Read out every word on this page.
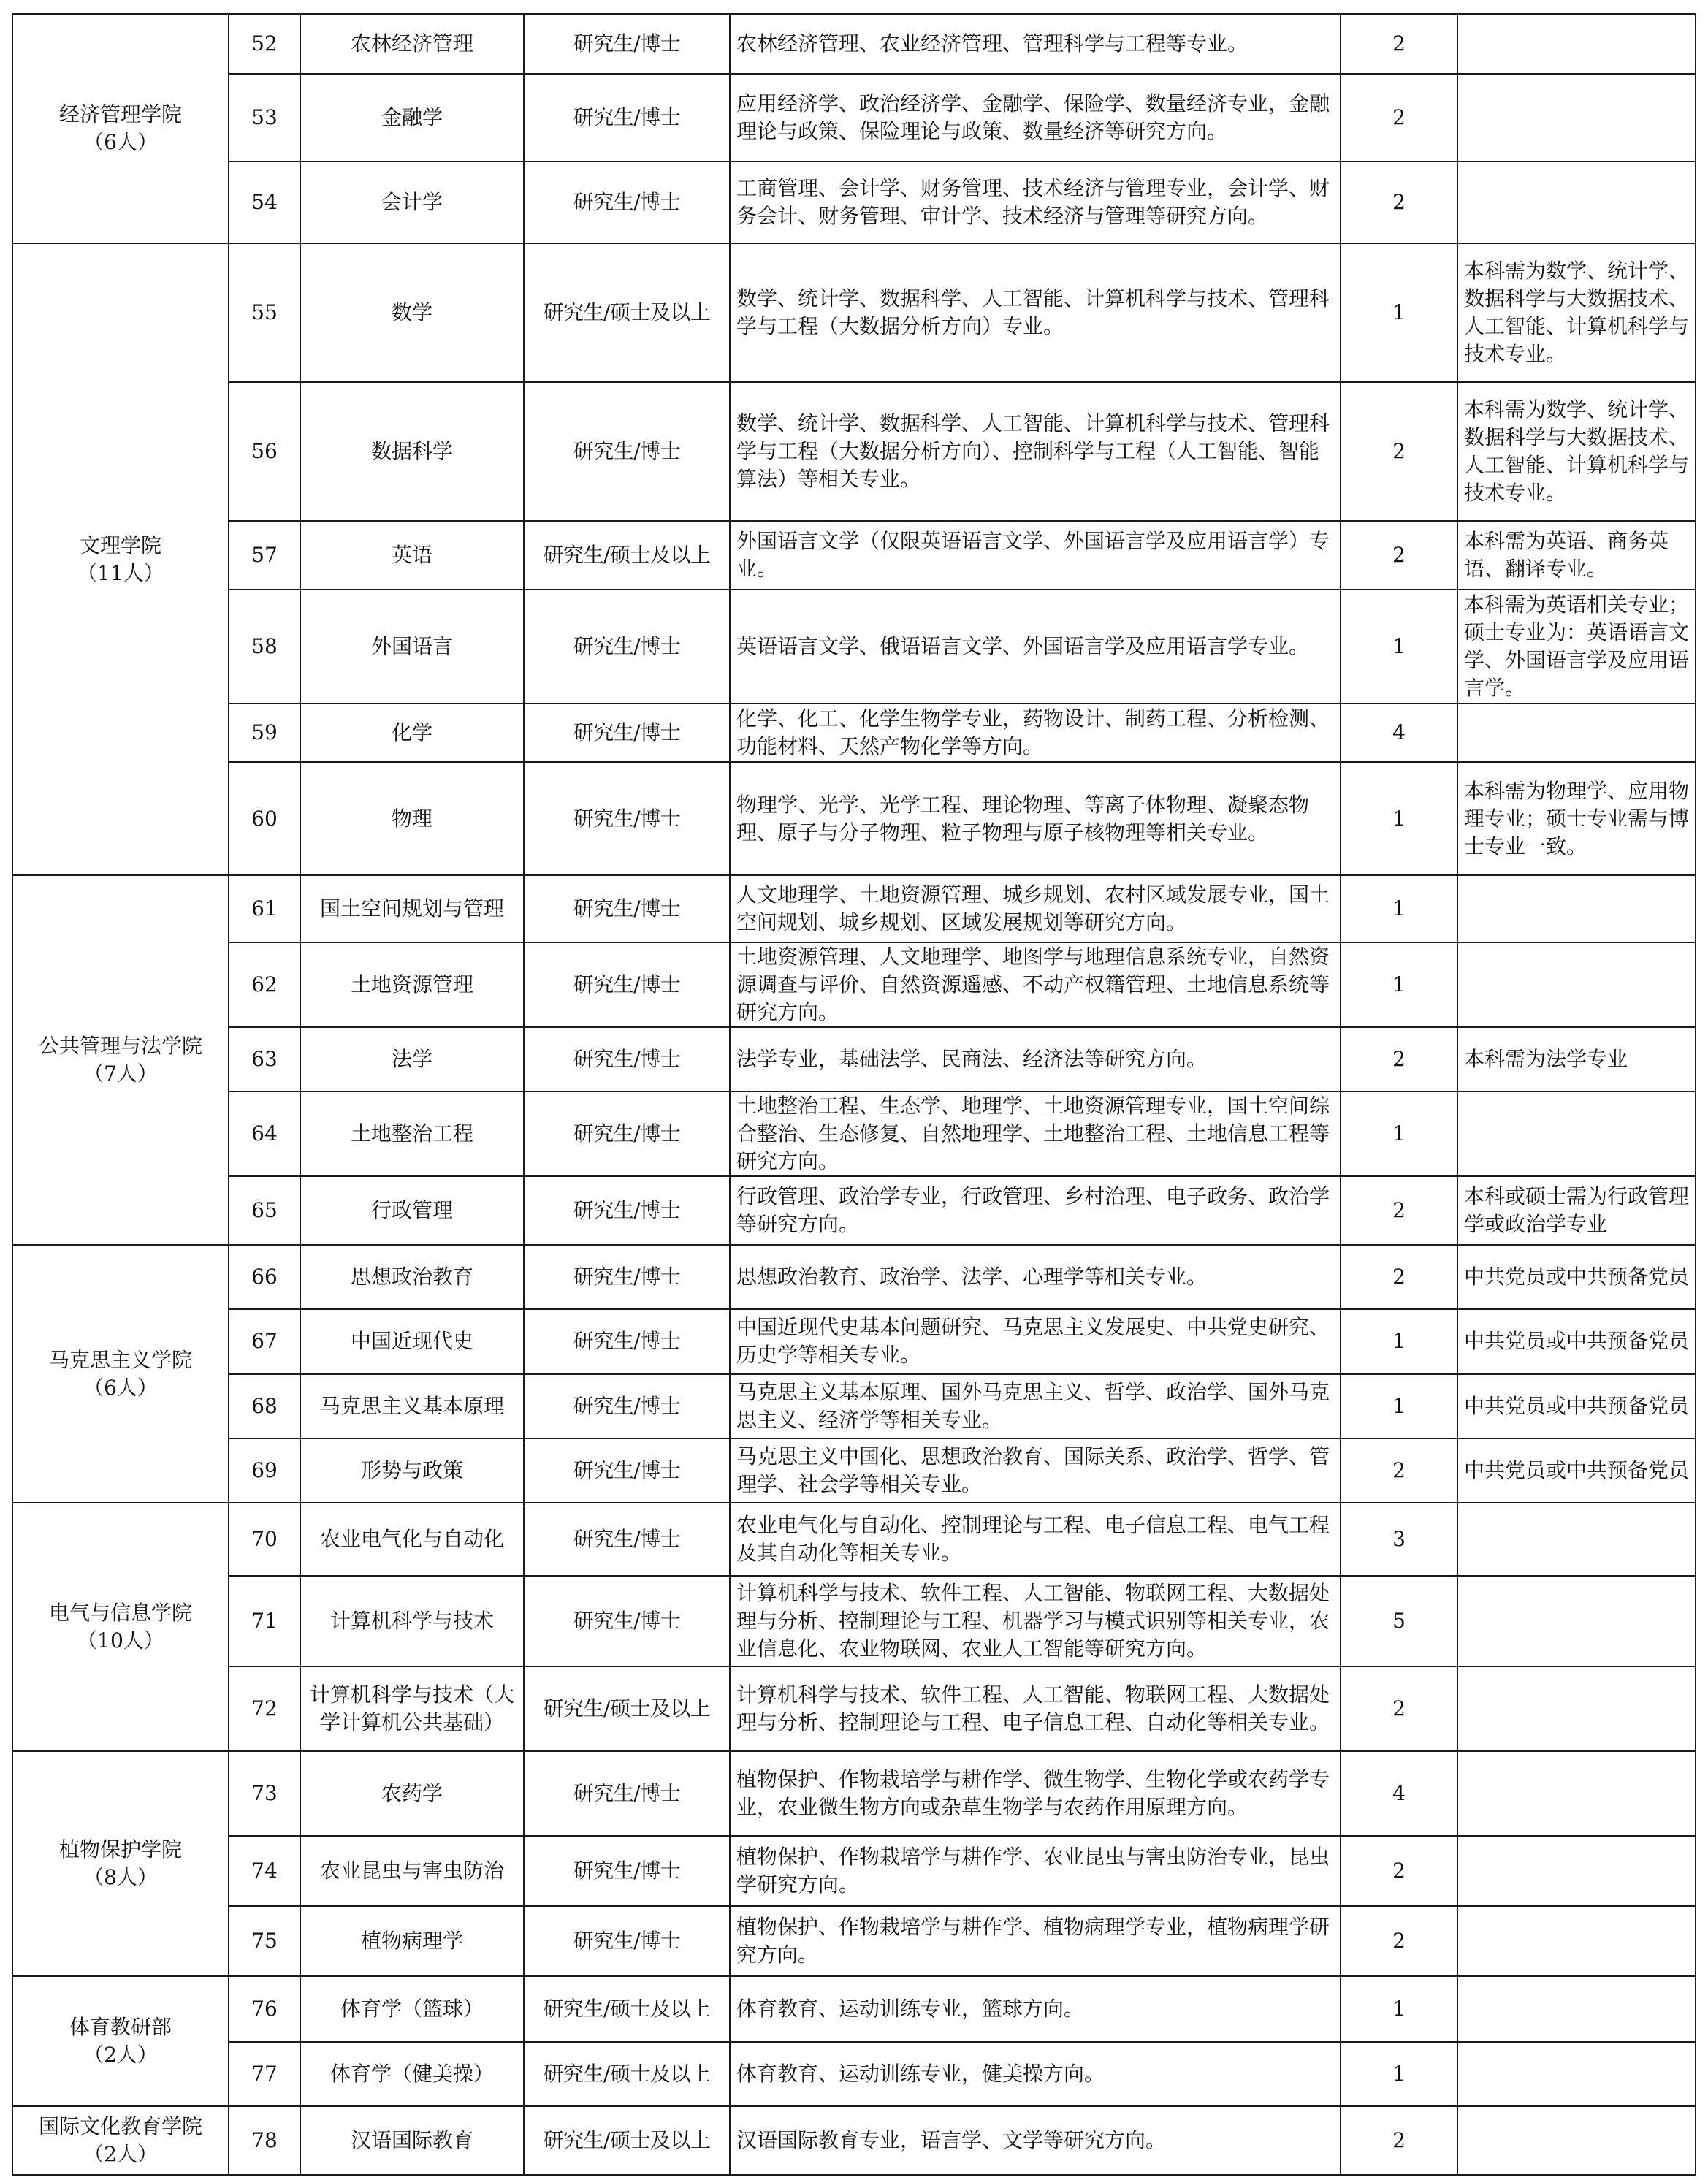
经济管理学院
（6人）	52	农林经济管理	研究生/博士	农林经济管理、农业经济管理、管理科学与工程等专业。	2	
	53	金融学	研究生/博士	应用经济学、政治经济学、金融学、保险学、数量经济专业，金融理论与政策、保险理论与政策、数量经济等研究方向。	2	
	54	会计学	研究生/博士	工商管理、会计学、财务管理、技术经济与管理专业，会计学、财务会计、财务管理、审计学、技术经济与管理等研究方向。	2	

文理学院
（11人）	55	数学	研究生/硕士及以上	数学、统计学、数据科学、人工智能、计算机科学与技术、管理科学与工程（大数据分析方向）专业。	1	本科需为数学、统计学、数据科学与大数据技术、人工智能、计算机科学与技术专业。
	56	数据科学	研究生/博士	数学、统计学、数据科学、人工智能、计算机科学与技术、管理科学与工程（大数据分析方向）、控制科学与工程（人工智能、智能算法）等相关专业。	2	本科需为数学、统计学、数据科学与大数据技术、人工智能、计算机科学与技术专业。
	57	英语	研究生/硕士及以上	外国语言文学（仅限英语语言文学、外国语言学及应用语言学）专业。	2	本科需为英语、商务英语、翻译专业。
	58	外国语言	研究生/博士	英语语言文学、俄语语言文学、外国语言学及应用语言学专业。	1	本科需为英语相关专业；硕士专业为：英语语言文学、外国语言学及应用语言学。
	59	化学	研究生/博士	化学、化工、化学生物学专业，药物设计、制药工程、分析检测、功能材料、天然产物化学等方向。	4	
	60	物理	研究生/博士	物理学、光学、光学工程、理论物理、等离子体物理、凝聚态物理、原子与分子物理、粒子物理与原子核物理等相关专业。	1	本科需为物理学、应用物理专业；硕士专业需与博士专业一致。

公共管理与法学院
（7人）	61	国土空间规划与管理	研究生/博士	人文地理学、土地资源管理、城乡规划、农村区域发展专业，国土空间规划、城乡规划、区域发展规划等研究方向。	1	
	62	土地资源管理	研究生/博士	土地资源管理、人文地理学、地图学与地理信息系统专业，自然资源调查与评价、自然资源遥感、不动产权籍管理、土地信息系统等研究方向。	1	
	63	法学	研究生/博士	法学专业，基础法学、民商法、经济法等研究方向。	2	本科需为法学专业
	64	土地整治工程	研究生/博士	土地整治工程、生态学、地理学、土地资源管理专业，国土空间综合整治、生态修复、自然地理学、土地整治工程、土地信息工程等研究方向。	1	
	65	行政管理	研究生/博士	行政管理、政治学专业，行政管理、乡村治理、电子政务、政治学等研究方向。	2	本科或硕士需为行政管理学或政治学专业

马克思主义学院
（6人）	66	思想政治教育	研究生/博士	思想政治教育、政治学、法学、心理学等相关专业。	2	中共党员或中共预备党员
	67	中国近现代史	研究生/博士	中国近现代史基本问题研究、马克思主义发展史、中共党史研究、历史学等相关专业。	1	中共党员或中共预备党员
	68	马克思主义基本原理	研究生/博士	马克思主义基本原理、国外马克思主义、哲学、政治学、国外马克思主义、经济学等相关专业。	1	中共党员或中共预备党员
	69	形势与政策	研究生/博士	马克思主义中国化、思想政治教育、国际关系、政治学、哲学、管理学、社会学等相关专业。	2	中共党员或中共预备党员

电气与信息学院
（10人）	70	农业电气化与自动化	研究生/博士	农业电气化与自动化、控制理论与工程、电子信息工程、电气工程及其自动化等相关专业。	3	
	71	计算机科学与技术	研究生/博士	计算机科学与技术、软件工程、人工智能、物联网工程、大数据处理与分析、控制理论与工程、机器学习与模式识别等相关专业，农业信息化、农业物联网、农业人工智能等研究方向。	5	
	72	计算机科学与技术（大学计算机公共基础）	研究生/硕士及以上	计算机科学与技术、软件工程、人工智能、物联网工程、大数据处理与分析、控制理论与工程、电子信息工程、自动化等相关专业。	2	

植物保护学院
（8人）	73	农药学	研究生/博士	植物保护、作物栽培学与耕作学、微生物学、生物化学或农药学专业，农业微生物方向或杂草生物学与农药作用原理方向。	4	
	74	农业昆虫与害虫防治	研究生/博士	植物保护、作物栽培学与耕作学、农业昆虫与害虫防治专业，昆虫学研究方向。	2	
	75	植物病理学	研究生/博士	植物保护、作物栽培学与耕作学、植物病理学专业，植物病理学研究方向。	2	

体育教研部
（2人）	76	体育学（篮球）	研究生/硕士及以上	体育教育、运动训练专业，篮球方向。	1	
	77	体育学（健美操）	研究生/硕士及以上	体育教育、运动训练专业，健美操方向。	1	

国际文化教育学院
（2人）	78	汉语国际教育	研究生/硕士及以上	汉语国际教育专业，语言学、文学等研究方向。	2	
